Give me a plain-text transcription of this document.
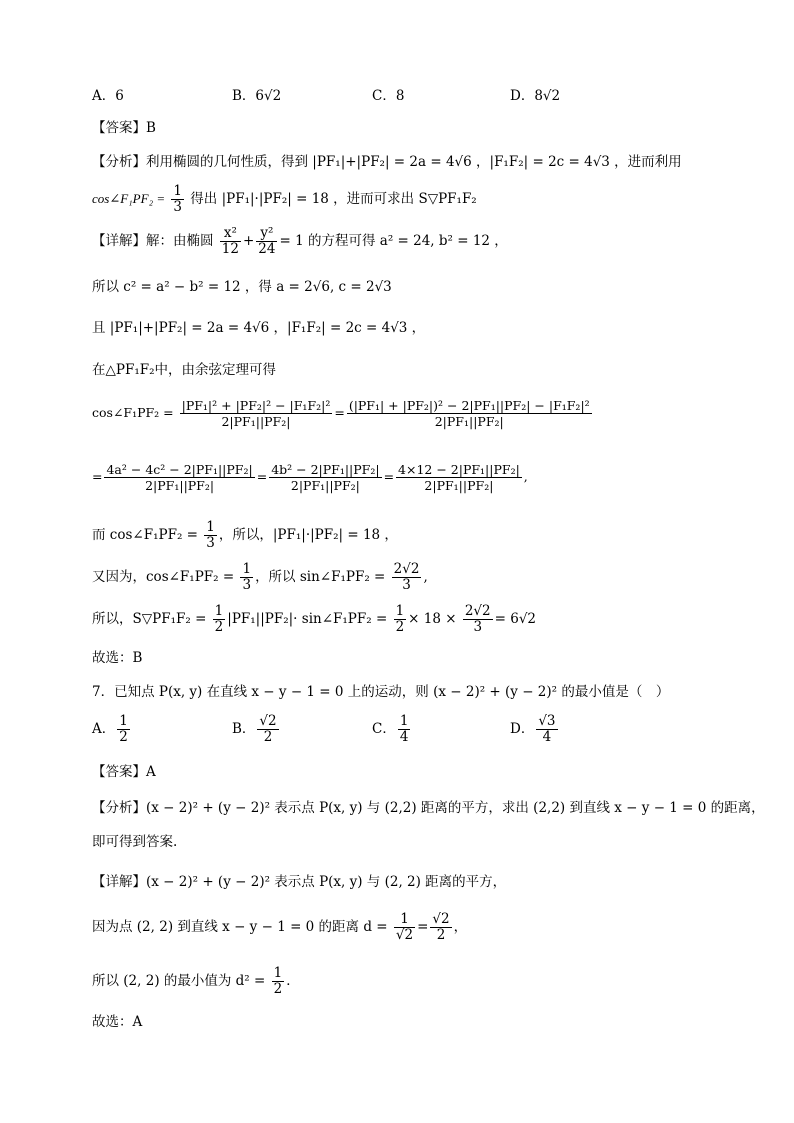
A．6	B．6√2	C．8	D．8√2
【答案】B
【分析】利用椭圆的几何性质，得到 |PF₁|+|PF₂| = 2a = 4√6 ，|F₁F₂| = 2c = 4√3 ，进而利用
cos∠F₁PF₂ = $\frac{1}{3}$ 得出 |PF₁|·|PF₂| = 18 ，进而可求出 S▽PF₁F₂
【详解】解：由椭圆 $\frac{\text{x²}}{12} + \frac{\text{y²}}{24} = 1$ 的方程可得 a² = 24, b² = 12 ，
所以 c² = a² − b² = 12 ，得 a = 2√6, c = 2√3
且 |PF₁|+|PF₂| = 2a = 4√6 ，|F₁F₂| = 2c = 4√3 ，
在△PF₁F₂中，由余弦定理可得
cos∠F₁PF₂ = $\frac{\text{|PF₁|² + |PF₂|² − |F₁F₂|²}}{\text{2|PF₁||PF₂|}} = \frac{\text{(|PF₁| + |PF₂|)² − 2|PF₁||PF₂| − |F₁F₂|²}}{\text{2|PF₁||PF₂|}}$
= $\frac{\text{4a² − 4c² − 2|PF₁||PF₂|}}{\text{2|PF₁||PF₂|}} = \frac{\text{4b² − 2|PF₁||PF₂|}}{\text{2|PF₁||PF₂|}} = \frac{\text{4×12 − 2|PF₁||PF₂|}}{\text{2|PF₁||PF₂|}}$ ,
而 cos∠F₁PF₂ = $\frac{1}{3}$ ，所以，|PF₁|·|PF₂| = 18 ，
又因为，cos∠F₁PF₂ = $\frac{1}{3}$ ，所以 sin∠F₁PF₂ = $\frac{2√2}{3}$ ,
所以，S▽PF₁F₂ = $\frac{1}{2} |PF_1||PF_2|\cdot$ sin∠F₁PF₂ = $\frac{1}{2} \times 18 \times \frac{2√2}{3} = 6√2$
故选：B
7．已知点 P(x, y) 在直线 x − y − 1 = 0 上的运动，则 (x − 2)² + (y − 2)² 的最小值是（　）
A． $\frac{1}{2}$	B． $\frac{√2}{2}$	C． $\frac{1}{4}$	D． $\frac{√3}{4}$
【答案】A
【分析】(x − 2)² + (y − 2)² 表示点 P(x, y) 与 (2,2) 距离的平方，求出 (2,2) 到直线 x − y − 1 = 0 的距离，
即可得到答案.
【详解】(x − 2)² + (y − 2)² 表示点 P(x, y) 与 (2, 2) 距离的平方，
因为点 (2, 2) 到直线 x − y − 1 = 0 的距离 $d = \frac{1}{√2} = \frac{√2}{2}$ ，
所以 (2, 2) 的最小值为 $d^2 = \frac{1}{2}$ ．
故选：A
